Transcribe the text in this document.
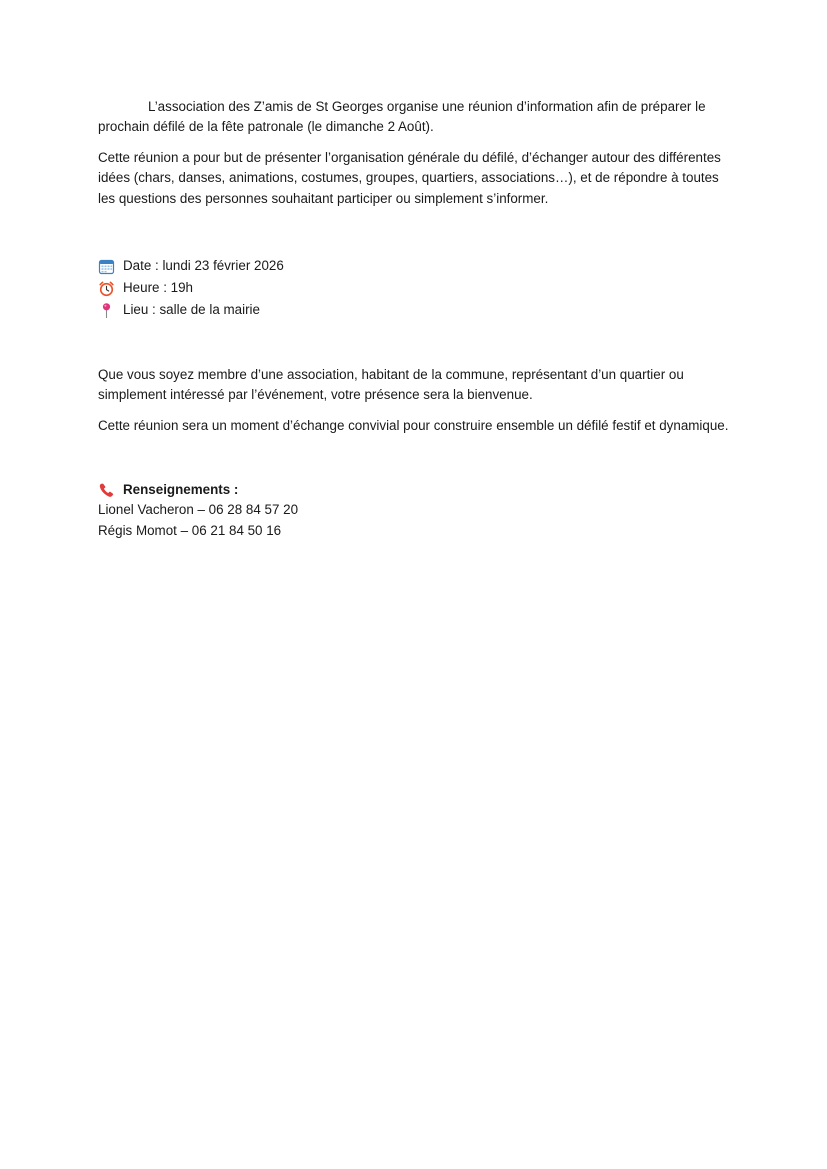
L’association des Z’amis de St Georges organise une réunion d’information afin de préparer le prochain défilé de la fête patronale (le dimanche 2 Août).

Cette réunion a pour but de présenter l’organisation générale du défilé, d’échanger autour des différentes idées (chars, danses, animations, costumes, groupes, quartiers, associations…), et de répondre à toutes les questions des personnes souhaitant participer ou simplement s’informer.

Date : lundi 23 février 2026
Heure : 19h
Lieu : salle de la mairie

Que vous soyez membre d’une association, habitant de la commune, représentant d’un quartier ou simplement intéressé par l’événement, votre présence sera la bienvenue.

Cette réunion sera un moment d’échange convivial pour construire ensemble un défilé festif et dynamique.

Renseignements :
Lionel Vacheron – 06 28 84 57 20
Régis Momot – 06 21 84 50 16
